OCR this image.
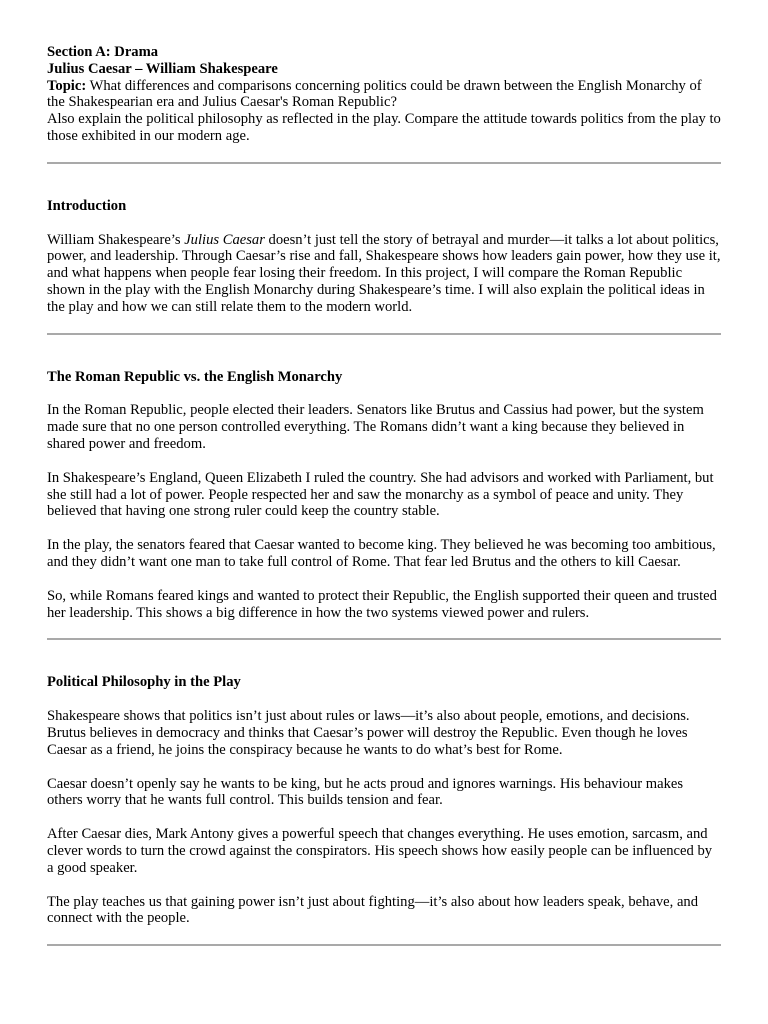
Section A: Drama

Julius Caesar – William Shakespeare

Topic: What differences and comparisons concerning politics could be drawn between the English Monarchy of the Shakespearian era and Julius Caesar's Roman Republic?

Also explain the political philosophy as reflected in the play. Compare the attitude towards politics from the play to those exhibited in our modern age.

Introduction

William Shakespeare’s Julius Caesar doesn’t just tell the story of betrayal and murder—it talks a lot about politics, power, and leadership. Through Caesar’s rise and fall, Shakespeare shows how leaders gain power, how they use it, and what happens when people fear losing their freedom. In this project, I will compare the Roman Republic shown in the play with the English Monarchy during Shakespeare’s time. I will also explain the political ideas in the play and how we can still relate them to the modern world.

The Roman Republic vs. the English Monarchy

In the Roman Republic, people elected their leaders. Senators like Brutus and Cassius had power, but the system made sure that no one person controlled everything. The Romans didn’t want a king because they believed in shared power and freedom.

In Shakespeare’s England, Queen Elizabeth I ruled the country. She had advisors and worked with Parliament, but she still had a lot of power. People respected her and saw the monarchy as a symbol of peace and unity. They believed that having one strong ruler could keep the country stable.

In the play, the senators feared that Caesar wanted to become king. They believed he was becoming too ambitious, and they didn’t want one man to take full control of Rome. That fear led Brutus and the others to kill Caesar.

So, while Romans feared kings and wanted to protect their Republic, the English supported their queen and trusted her leadership. This shows a big difference in how the two systems viewed power and rulers.

Political Philosophy in the Play

Shakespeare shows that politics isn’t just about rules or laws—it’s also about people, emotions, and decisions. Brutus believes in democracy and thinks that Caesar’s power will destroy the Republic. Even though he loves Caesar as a friend, he joins the conspiracy because he wants to do what’s best for Rome.

Caesar doesn’t openly say he wants to be king, but he acts proud and ignores warnings. His behaviour makes others worry that he wants full control. This builds tension and fear.

After Caesar dies, Mark Antony gives a powerful speech that changes everything. He uses emotion, sarcasm, and clever words to turn the crowd against the conspirators. His speech shows how easily people can be influenced by a good speaker.

The play teaches us that gaining power isn’t just about fighting—it’s also about how leaders speak, behave, and connect with the people.
